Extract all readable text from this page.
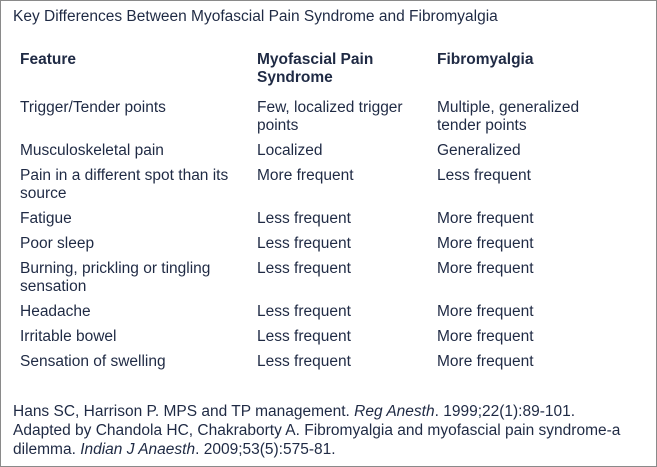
Key Differences Between Myofascial Pain Syndrome and Fibromyalgia
Feature	Myofascial Pain Syndrome	Fibromyalgia
Trigger/Tender points	Few, localized trigger points	Multiple, generalized tender points
Musculoskeletal pain	Localized	Generalized
Pain in a different spot than its source	More frequent	Less frequent
Fatigue	Less frequent	More frequent
Poor sleep	Less frequent	More frequent
Burning, prickling or tingling sensation	Less frequent	More frequent
Headache	Less frequent	More frequent
Irritable bowel	Less frequent	More frequent
Sensation of swelling	Less frequent	More frequent

Hans SC, Harrison P. MPS and TP management. Reg Anesth. 1999;22(1):89-101.

Adapted by Chandola HC, Chakraborty A. Fibromyalgia and myofascial pain syndrome-a dilemma. Indian J Anaesth. 2009;53(5):575-81.
